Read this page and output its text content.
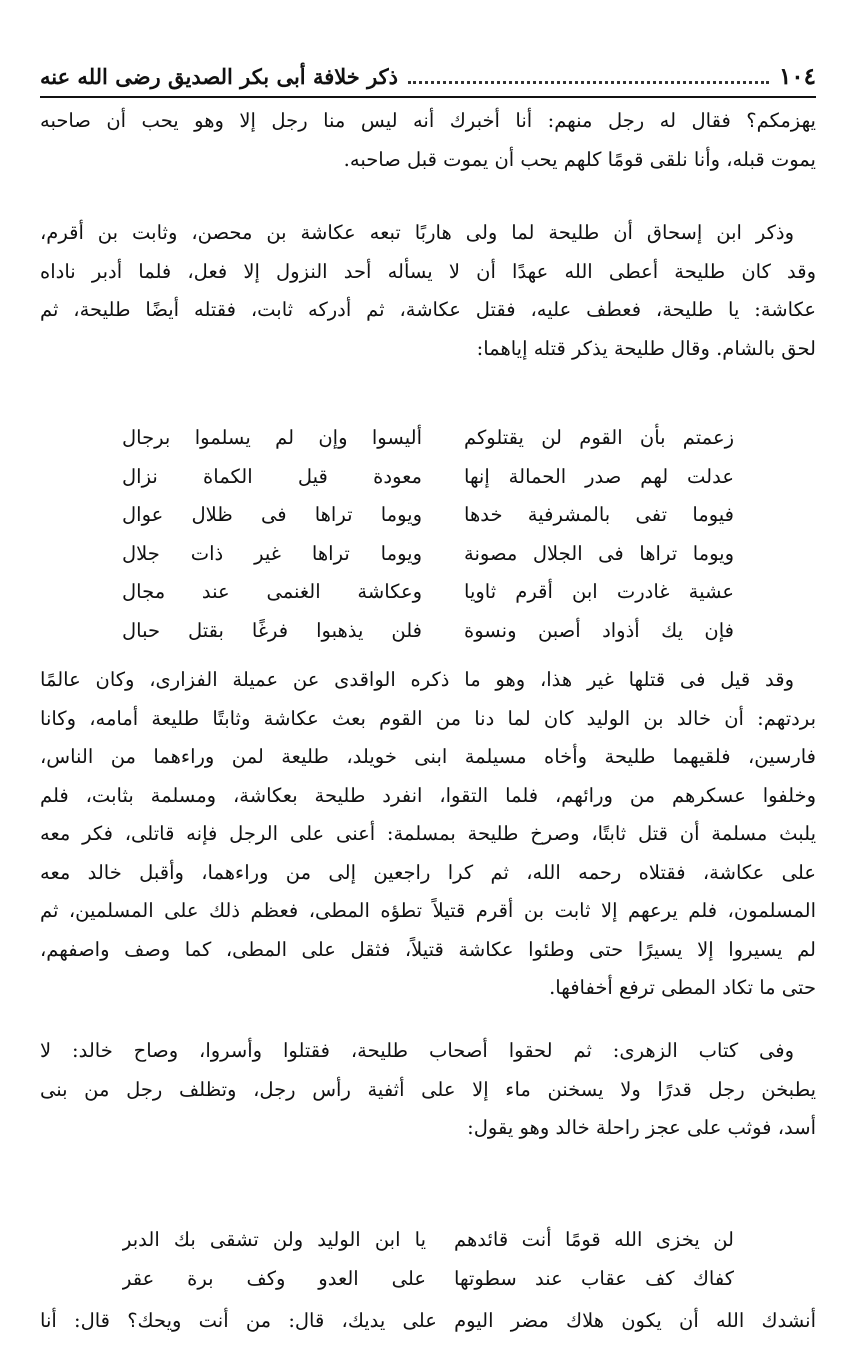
١٠٤
ذكر خلافة أبى بكر الصديق رضى الله عنه
يهزمكم؟ فقال له رجل منهم: أنا أخبرك أنه ليس منا رجل إلا وهو يحب أن صاحبه
يموت قبله، وأنا نلقى قومًا كلهم يحب أن يموت قبل صاحبه.
وذكر ابن إسحاق أن طليحة لما ولى هاربًا تبعه عكاشة بن محصن، وثابت بن أقرم،
وقد كان طليحة أعطى الله عهدًا أن لا يسأله أحد النزول إلا فعل، فلما أدبر ناداه
عكاشة: يا طليحة، فعطف عليه، فقتل عكاشة، ثم أدركه ثابت، فقتله أيضًا طليحة، ثم
لحق بالشام. وقال طليحة يذكر قتله إياهما:
زعمتم بأن القوم لن يقتلوكم
أليسوا وإن لم يسلموا برجال
عدلت لهم صدر الحمالة إنها
معودة قيل الكماة نزال
فيوما تفى بالمشرفية خدها
ويوما تراها فى ظلال عوال
ويوما تراها فى الجلال مصونة
ويوما تراها غير ذات جلال
عشية غادرت ابن أقرم ثاويا
وعكاشة الغنمى عند مجال
فإن يك أذواد أصبن ونسوة
فلن يذهبوا فرغًا بقتل حبال
وقد قيل فى قتلها غير هذا، وهو ما ذكره الواقدى عن عميلة الفزارى، وكان عالمًا
بردتهم: أن خالد بن الوليد كان لما دنا من القوم بعث عكاشة وثابتًا طليعة أمامه، وكانا
فارسين، فلقيهما طليحة وأخاه مسيلمة ابنى خويلد، طليعة لمن وراءهما من الناس،
وخلفوا عسكرهم من ورائهم، فلما التقوا، انفرد طليحة بعكاشة، ومسلمة بثابت، فلم
يلبث مسلمة أن قتل ثابتًا، وصرخ طليحة بمسلمة: أعنى على الرجل فإنه قاتلى، فكر معه
على عكاشة، فقتلاه رحمه الله، ثم كرا راجعين إلى من وراءهما، وأقبل خالد معه
المسلمون، فلم يرعهم إلا ثابت بن أقرم قتيلاً تطؤه المطى، فعظم ذلك على المسلمين، ثم
لم يسيروا إلا يسيرًا حتى وطئوا عكاشة قتيلاً، فثقل على المطى، كما وصف واصفهم،
حتى ما تكاد المطى ترفع أخفافها.
وفى كتاب الزهرى: ثم لحقوا أصحاب طليحة، فقتلوا وأسروا، وصاح خالد: لا
يطبخن رجل قدرًا ولا يسخنن ماء إلا على أثفية رأس رجل، وتظلف رجل من بنى
أسد، فوثب على عجز راحلة خالد وهو يقول:
لن يخزى الله قومًا أنت قائدهم
يا ابن الوليد ولن تشقى بك الدبر
كفاك كف عقاب عند سطوتها
على العدو وكف برة عقر
أنشدك الله أن يكون هلاك مضر اليوم على يديك، قال: من أنت ويحك؟ قال: أنا
